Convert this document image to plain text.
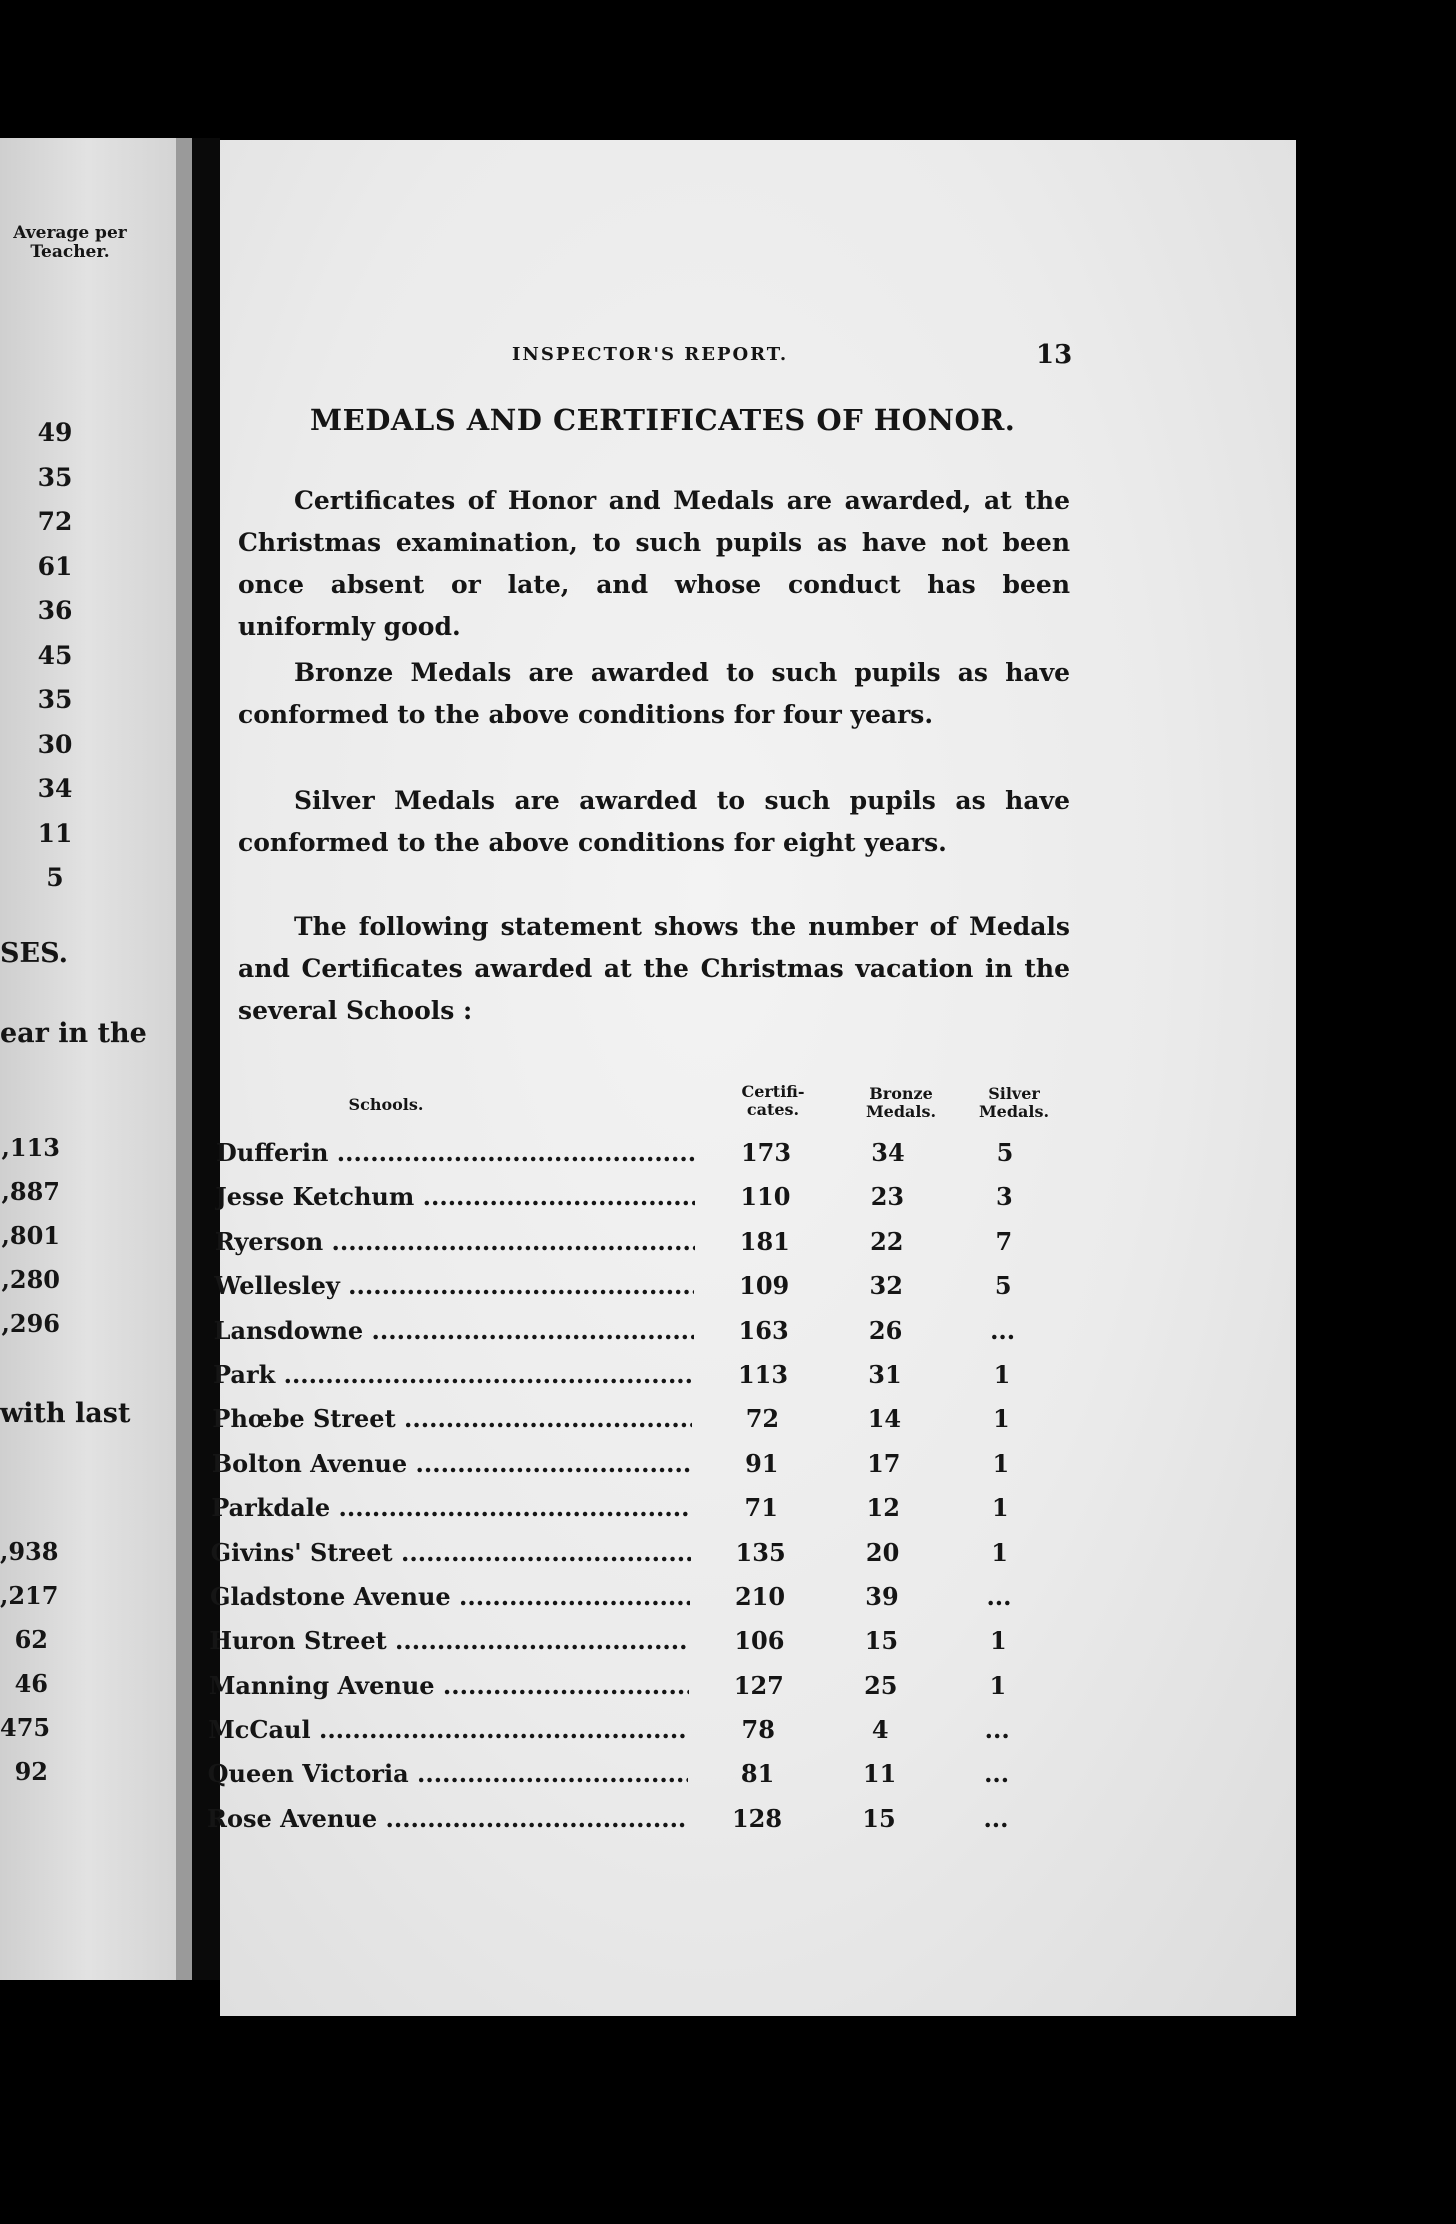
Average per Teacher.
49
35
72
61
36
45
35
30
34
11
5
SES.
ear in the
,113
,887
,801
,280
,296
with last
,938
,217
62
46
475
92
INSPECTOR'S REPORT.	13
MEDALS AND CERTIFICATES OF HONOR.

Certificates of Honor and Medals are awarded, at the Christmas examination, to such pupils as have not been once absent or late, and whose conduct has been uniformly good.

Bronze Medals are awarded to such pupils as have conformed to the above conditions for four years.

Silver Medals are awarded to such pupils as have conformed to the above conditions for eight years.

The following statement shows the number of Medals and Certificates awarded at the Christmas vacation in the several Schools :

Schools.
Certifi- cates.
Bronze Medals.
Silver Medals.
Dufferin .....	173	34	5
Jesse Ketchum .....	110	23	3
Ryerson .....	181	22	7
Wellesley .....	109	32	5
Lansdowne .....	163	26	...
Park .....	113	31	1
Phœbe Street .....	72	14	1
Bolton Avenue .....	91	17	1
Parkdale .....	71	12	1
Givins' Street .....	135	20	1
Gladstone Avenue .....	210	39	...
Huron Street .....	106	15	1
Manning Avenue .....	127	25	1
McCaul .....	78	4	...
Queen Victoria .....	81	11	...
Rose Avenue .....	128	15	...
